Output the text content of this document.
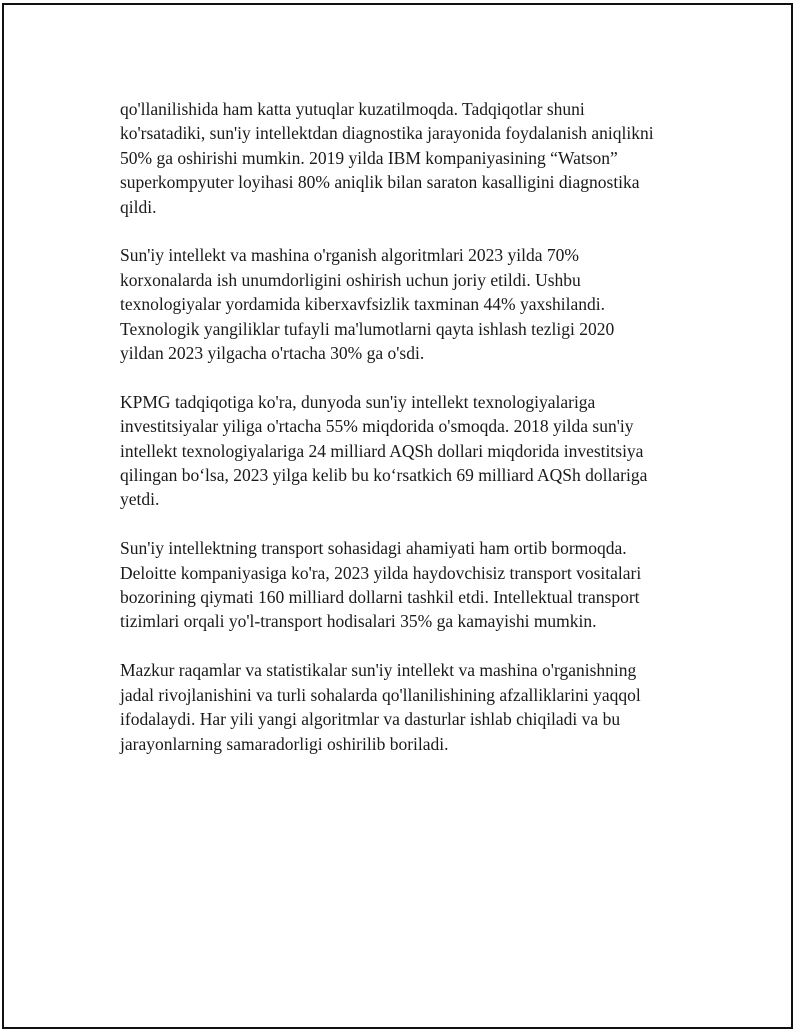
qo'llanilishida ham katta yutuqlar kuzatilmoqda. Tadqiqotlar shuni
ko'rsatadiki, sun'iy intellektdan diagnostika jarayonida foydalanish aniqlikni
50% ga oshirishi mumkin. 2019 yilda IBM kompaniyasining “Watson”
superkompyuter loyihasi 80% aniqlik bilan saraton kasalligini diagnostika
qildi.

Sun'iy intellekt va mashina o'rganish algoritmlari 2023 yilda 70%
korxonalarda ish unumdorligini oshirish uchun joriy etildi. Ushbu
texnologiyalar yordamida kiberxavfsizlik taxminan 44% yaxshilandi.
Texnologik yangiliklar tufayli ma'lumotlarni qayta ishlash tezligi 2020
yildan 2023 yilgacha o'rtacha 30% ga o'sdi.

KPMG tadqiqotiga ko'ra, dunyoda sun'iy intellekt texnologiyalariga
investitsiyalar yiliga o'rtacha 55% miqdorida o'smoqda. 2018 yilda sun'iy
intellekt texnologiyalariga 24 milliard AQSh dollari miqdorida investitsiya
qilingan bo‘lsa, 2023 yilga kelib bu ko‘rsatkich 69 milliard AQSh dollariga
yetdi.

Sun'iy intellektning transport sohasidagi ahamiyati ham ortib bormoqda.
Deloitte kompaniyasiga ko'ra, 2023 yilda haydovchisiz transport vositalari
bozorining qiymati 160 milliard dollarni tashkil etdi. Intellektual transport
tizimlari orqali yo'l-transport hodisalari 35% ga kamayishi mumkin.

Mazkur raqamlar va statistikalar sun'iy intellekt va mashina o'rganishning
jadal rivojlanishini va turli sohalarda qo'llanilishining afzalliklarini yaqqol
ifodalaydi. Har yili yangi algoritmlar va dasturlar ishlab chiqiladi va bu
jarayonlarning samaradorligi oshirilib boriladi.
